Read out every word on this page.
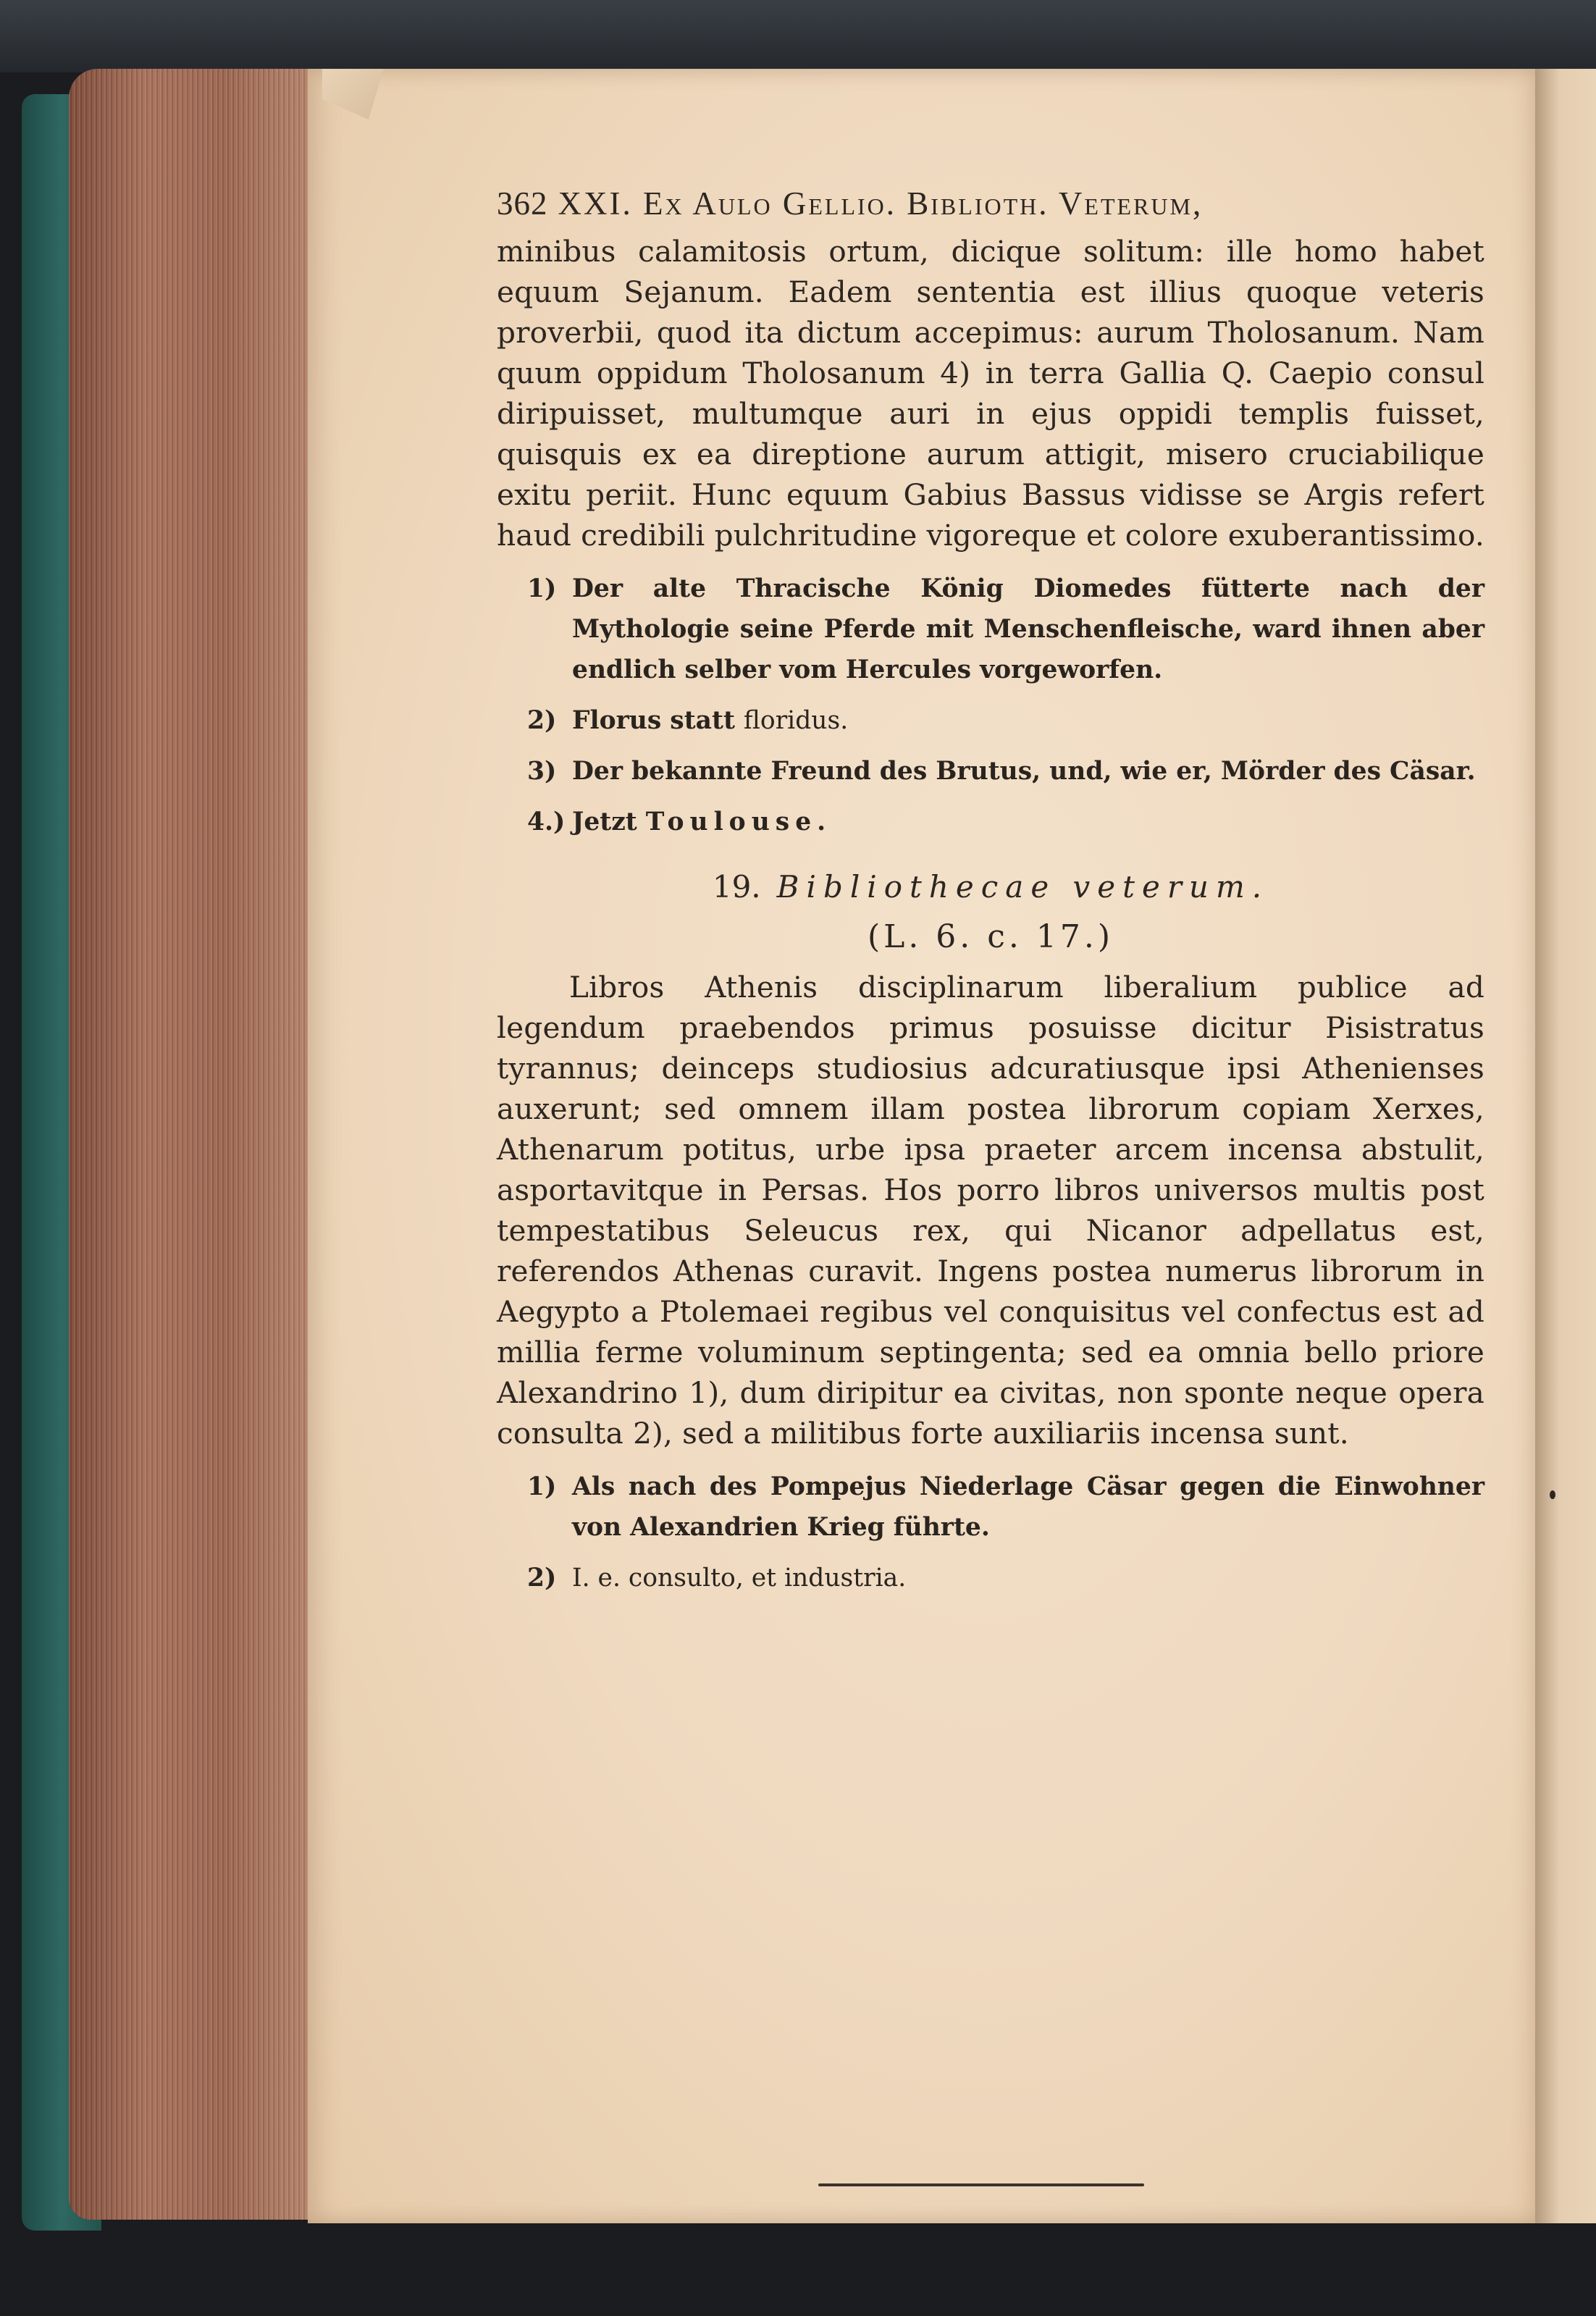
362 XXI. Ex Aulo Gellio. Biblioth. Veterum,

minibus calamitosis ortum, dicique solitum: ille homo habet equum Sejanum. Eadem sententia est illius quoque veteris proverbii, quod ita dictum accepimus: aurum Tholosanum. Nam quum oppidum Tholosanum 4) in terra Gallia Q. Caepio consul diripuisset, multumque auri in ejus oppidi templis fuisset, quisquis ex ea direptione aurum attigit, misero cruciabilique exitu periit. Hunc equum Gabius Bassus vidisse se Argis refert haud credibili pulchritudine vigoreque et colore exuberantissimo.

1) Der alte Thracische König Diomedes fütterte nach der Mythologie seine Pferde mit Menschenfleische, ward ihnen aber endlich selber vom Hercules vorgeworfen.
2) Florus statt floridus.
3) Der bekannte Freund des Brutus, und, wie er, Mörder des Cäsar.
4.) Jetzt Toulouse.
19. Bibliothecae veterum.
(L. 6. c. 17.)

Libros Athenis disciplinarum liberalium publice ad legendum praebendos primus posuisse dicitur Pisistratus tyrannus; deinceps studiosius adcuratiusque ipsi Athenienses auxerunt; sed omnem illam postea librorum copiam Xerxes, Athenarum potitus, urbe ipsa praeter arcem incensa abstulit, asportavitque in Persas. Hos porro libros universos multis post tempestatibus Seleucus rex, qui Nicanor adpellatus est, referendos Athenas curavit. Ingens postea numerus librorum in Aegypto a Ptolemaei regibus vel conquisitus vel confectus est ad millia ferme voluminum septingenta; sed ea omnia bello priore Alexandrino 1), dum diripitur ea civitas, non sponte neque opera consulta 2), sed a militibus forte auxiliariis incensa sunt.

1) Als nach des Pompejus Niederlage Cäsar gegen die Einwohner von Alexandrien Krieg führte.
2) I. e. consulto, et industria.
